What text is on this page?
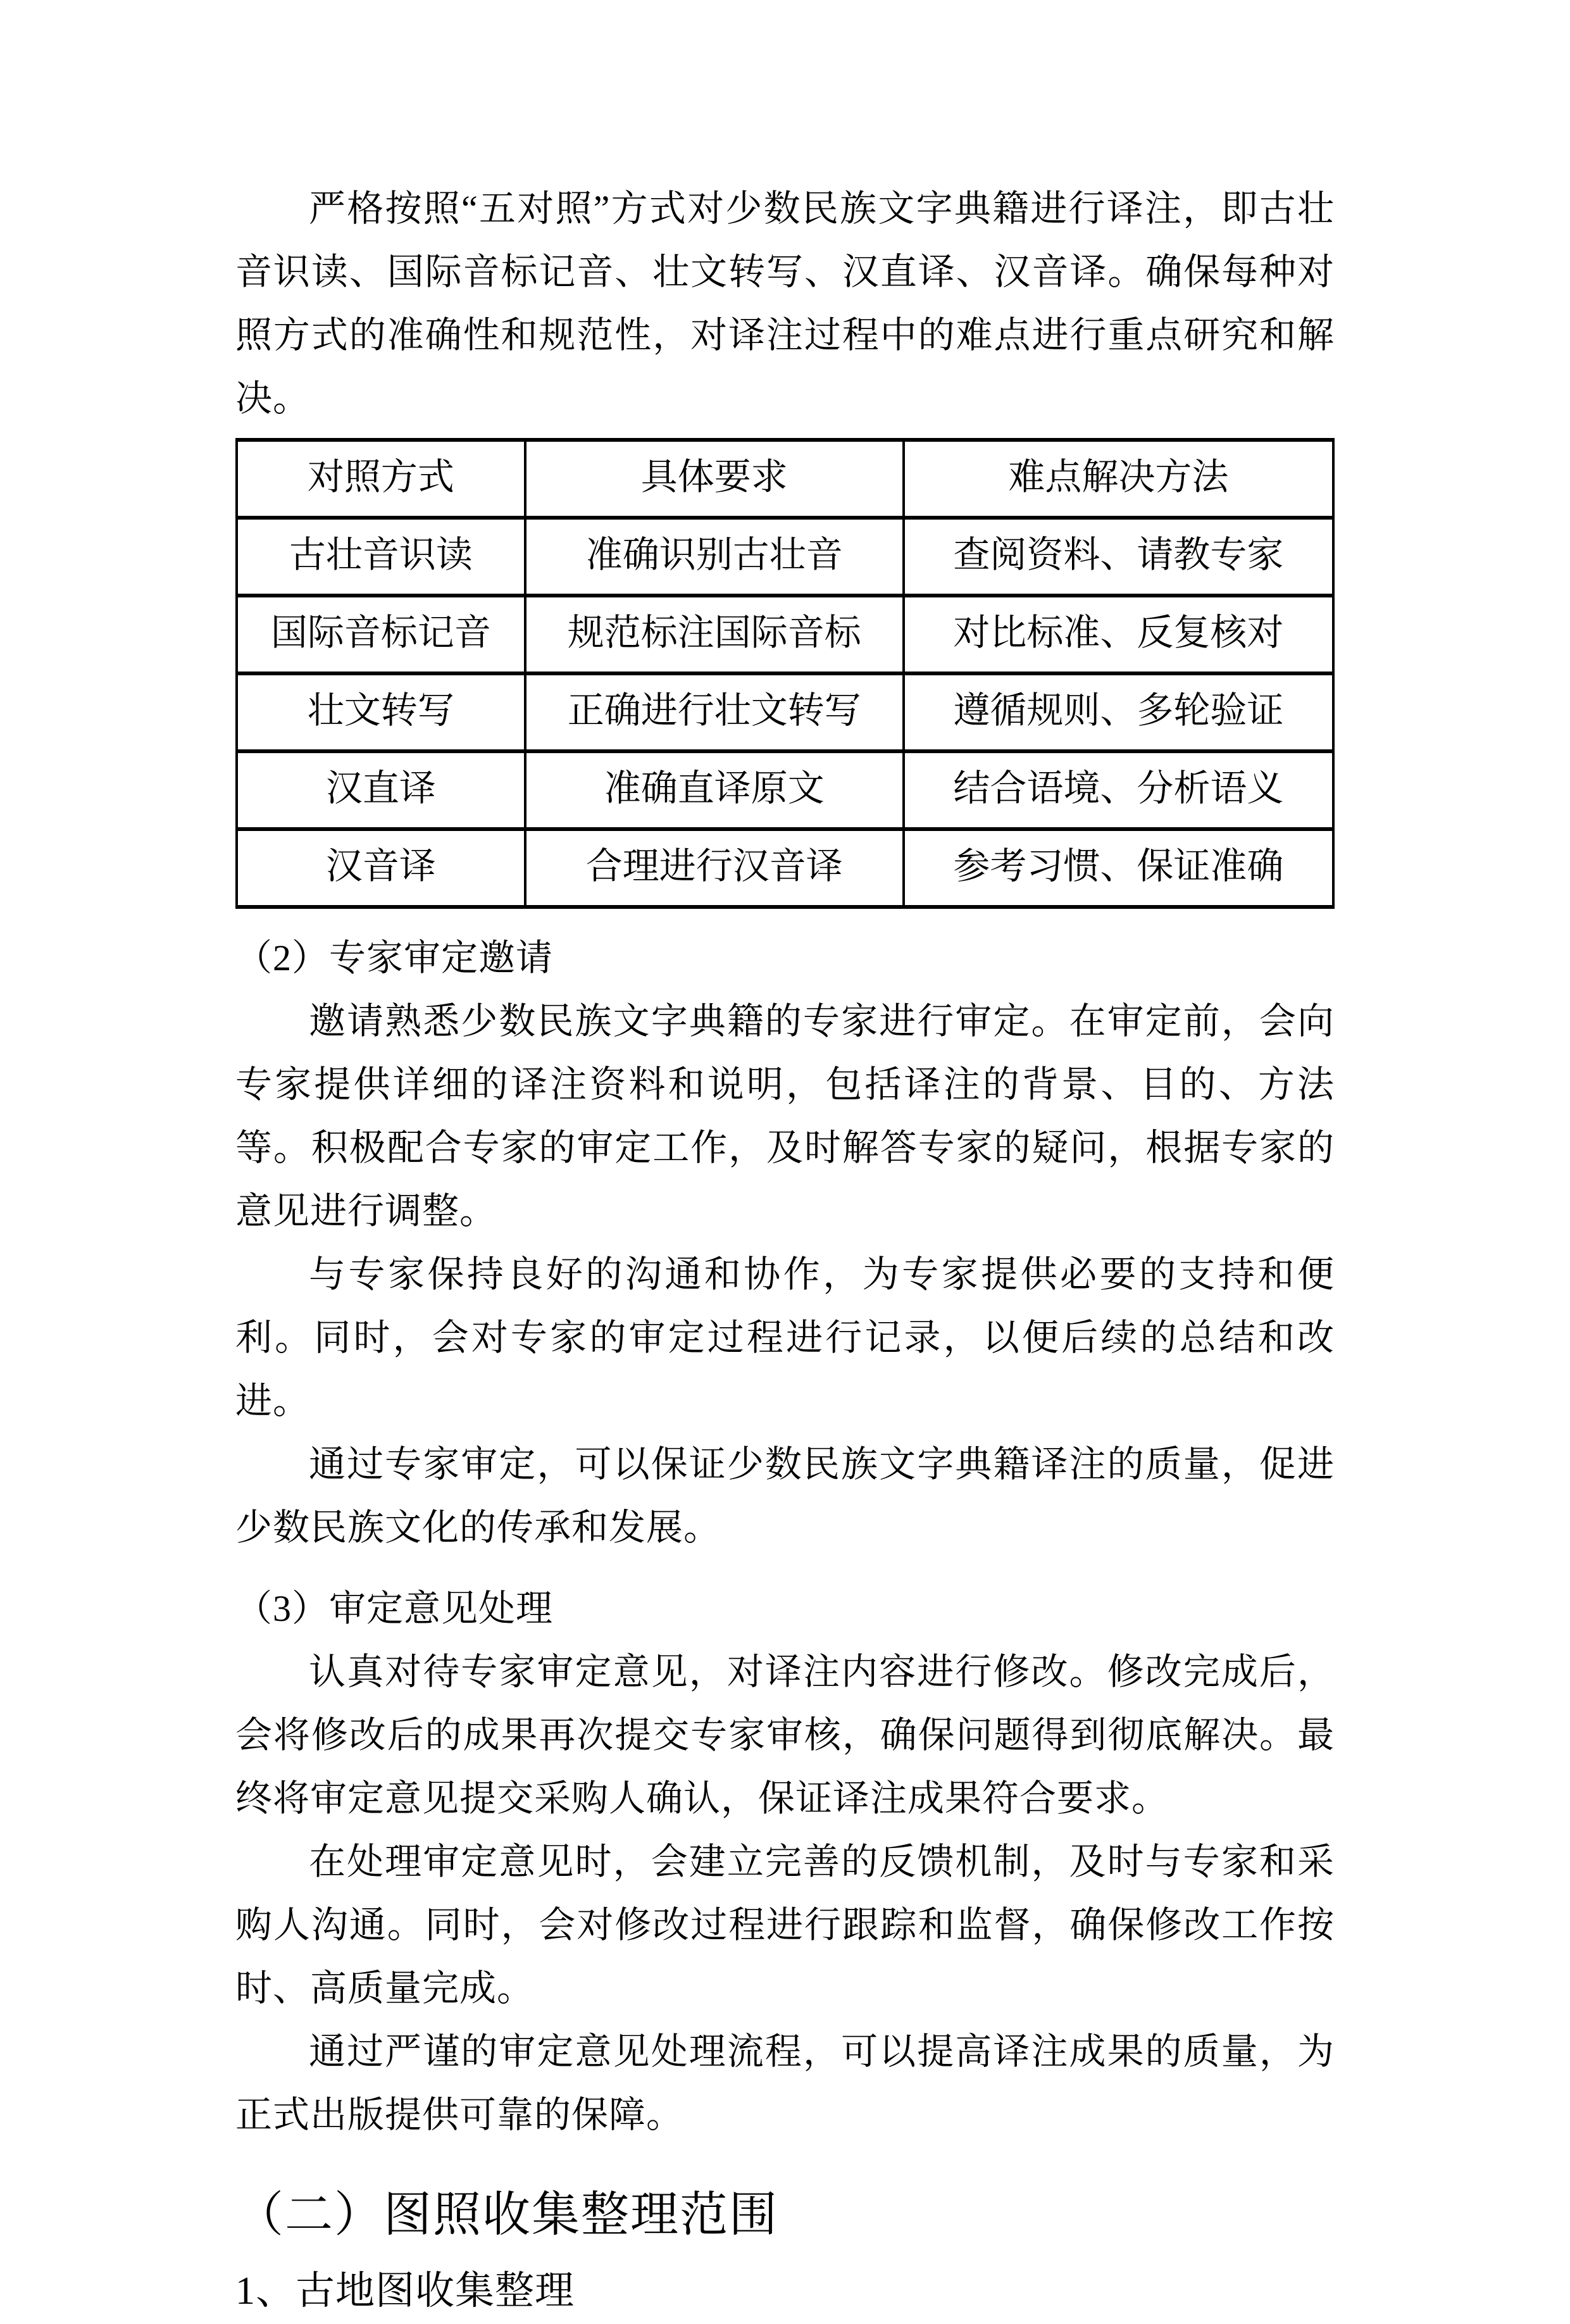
严格按照“五对照”方式对少数民族文字典籍进行译注，即古壮音识读、国际音标记音、壮文转写、汉直译、汉音译。确保每种对照方式的准确性和规范性，对译注过程中的难点进行重点研究和解决。

对照方式	具体要求	难点解决方法
古壮音识读	准确识别古壮音	查阅资料、请教专家
国际音标记音	规范标注国际音标	对比标准、反复核对
壮文转写	正确进行壮文转写	遵循规则、多轮验证
汉直译	准确直译原文	结合语境、分析语义
汉音译	合理进行汉音译	参考习惯、保证准确

（2）专家审定邀请

邀请熟悉少数民族文字典籍的专家进行审定。在审定前，会向专家提供详细的译注资料和说明，包括译注的背景、目的、方法等。积极配合专家的审定工作，及时解答专家的疑问，根据专家的意见进行调整。

与专家保持良好的沟通和协作，为专家提供必要的支持和便利。同时，会对专家的审定过程进行记录，以便后续的总结和改进。

通过专家审定，可以保证少数民族文字典籍译注的质量，促进少数民族文化的传承和发展。

（3）审定意见处理

认真对待专家审定意见，对译注内容进行修改。修改完成后，会将修改后的成果再次提交专家审核，确保问题得到彻底解决。最终将审定意见提交采购人确认，保证译注成果符合要求。

在处理审定意见时，会建立完善的反馈机制，及时与专家和采购人沟通。同时，会对修改过程进行跟踪和监督，确保修改工作按时、高质量完成。

通过严谨的审定意见处理流程，可以提高译注成果的质量，为正式出版提供可靠的保障。

（二）图照收集整理范围

1、古地图收集整理
